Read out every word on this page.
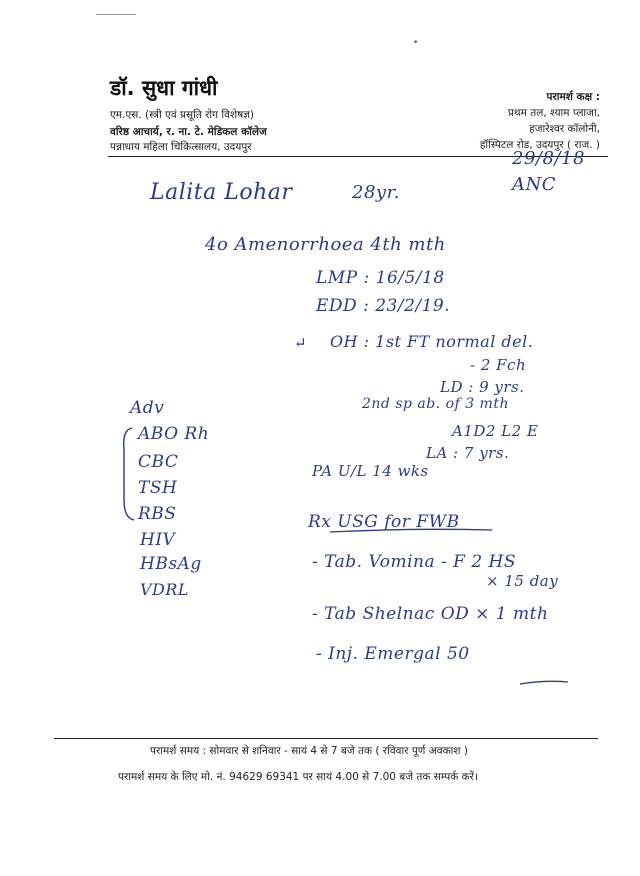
•
डॉ. सुधा गांधी
एम.एस. (स्त्री एवं प्रसूति रोग विशेषज्ञ)
वरिष्ठ आचार्य, र. ना. टे. मेडिकल कॉलेज
पन्नाधाय महिला चिकित्सालय, उदयपुर
परामर्श कक्ष :
प्रथम तल, श्याम प्लाजा,
हजारेश्वर कॉलोनी,
हॉस्पिटल रोड, उदयपुर ( राज. )
29/8/18
Lalita Lohar	28yr.	ANC
4o Amenorrhoea 4th mth
LMP : 16/5/18
EDD : 23/2/19.
↵ OH : 1st FT normal del.
- 2 Fch
LD : 9 yrs.
2nd sp ab. of 3 mth
A1D2 L2 E
LA : 7 yrs.
PA U/L 14 wks
Adv
ABO Rh
CBC
TSH
RBS
HIV
HBsAg
VDRL
Rx USG for FWB
- Tab. Vomina - F 2 HS
× 15 day
- Tab Shelnac OD × 1 mth
- Inj. Emergal 50
परामर्श समय : सोमवार से शनिवार - सायं 4 से 7 बजे तक ( रविवार पूर्ण अवकाश )
परामर्श समय के लिए मो. नं. 94629 69341 पर सायं 4.00 से 7.00 बजे तक सम्पर्क करें।
